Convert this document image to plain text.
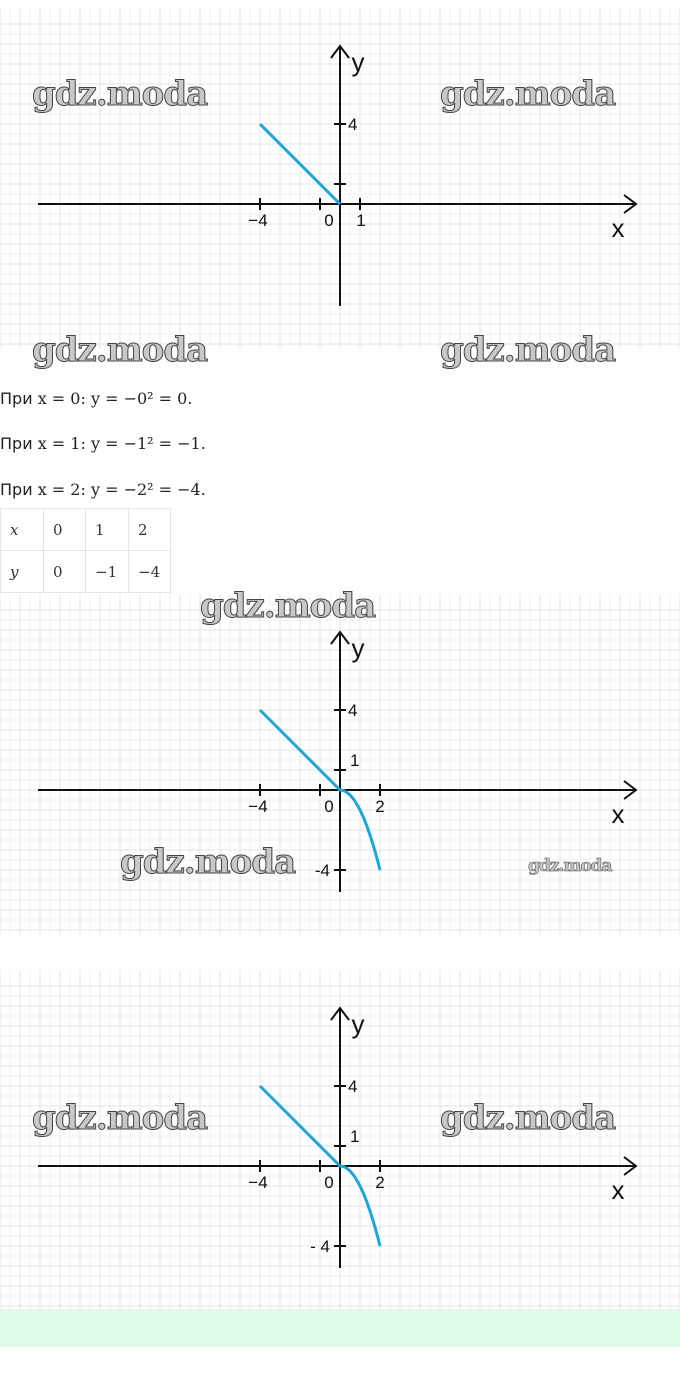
−4	0 1
4
x
y
gdz.moda	gdz.moda
gdz.moda	gdz.moda
При x = 0: y = −0² = 0.
При x = 1: y = −1² = −1.
При x = 2: y = −2² = −4.
x	0	1	2
y	0	−1	−4
−4	0 2
4
1
-4
x
y
gdz.moda
gdz.moda	gdz.moda
−4	0 2
4
1
- 4
x
y
gdz.moda	gdz.moda
